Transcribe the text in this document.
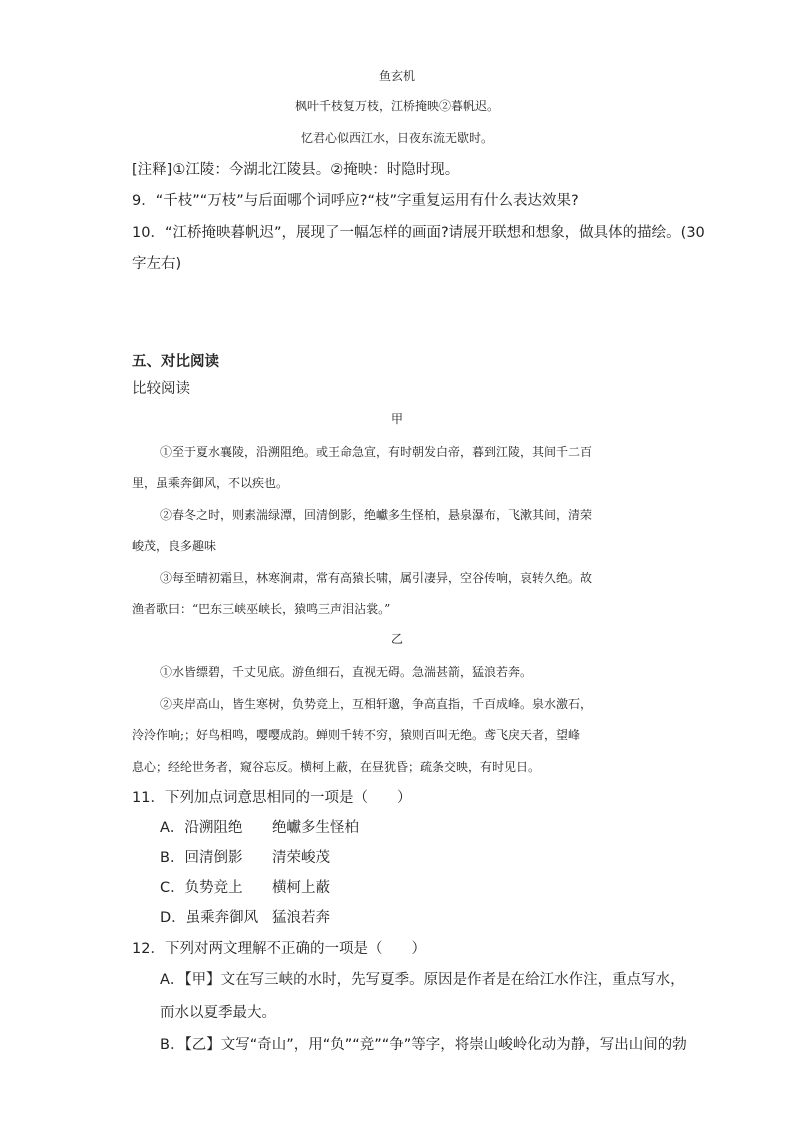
鱼玄机
枫叶千枝复万枝，江桥掩映②暮帆迟。
忆君心似西江水，日夜东流无歇时。
[注释]①江陵：今湖北江陵县。②掩映：时隐时现。
9．“千枝”“万枝”与后面哪个词呼应?“枝”字重复运用有什么表达效果?
10．“江桥掩映暮帆迟”，展现了一幅怎样的画面?请展开联想和想象，做具体的描绘。(30
字左右)
五、对比阅读
比较阅读
甲
①至于夏水襄陵，沿溯阻绝。或王命急宣，有时朝发白帝，暮到江陵，其间千二百
里，虽乘奔御风，不以疾也。
②春冬之时，则素湍绿潭，回清倒影，绝巘多生怪柏，悬泉瀑布，飞漱其间，清荣
峻茂，良多趣味
③每至晴初霜旦，林寒涧肃，常有高猿长啸，属引凄异，空谷传响，哀转久绝。故
渔者歌曰：“巴东三峡巫峡长，猿鸣三声泪沾裳。”
乙
①水皆缥碧，千丈见底。游鱼细石，直视无碍。急湍甚箭，猛浪若奔。
②夹岸高山，皆生寒树，负势竞上，互相轩邈，争高直指，千百成峰。泉水激石，
泠泠作响;；好鸟相鸣，嘤嘤成韵。蝉则千转不穷，猿则百叫无绝。鸢飞戾天者，望峰
息心；经纶世务者，窥谷忘反。横柯上蔽，在昼犹昏；疏条交映，有时见日。
11．下列加点词意思相同的一项是（　　）
A．沿溯阻绝 绝巘多生怪柏
B．回清倒影 清荣峻茂
C．负势竞上 横柯上蔽
D．虽乘奔御风 猛浪若奔
12．下列对两文理解不正确的一项是（　　）
A．【甲】文在写三峡的水时，先写夏季。原因是作者是在给江水作注，重点写水，
而水以夏季最大。
B．【乙】文写“奇山”，用“负”“竞”“争”等字，将崇山峻岭化动为静，写出山间的勃
